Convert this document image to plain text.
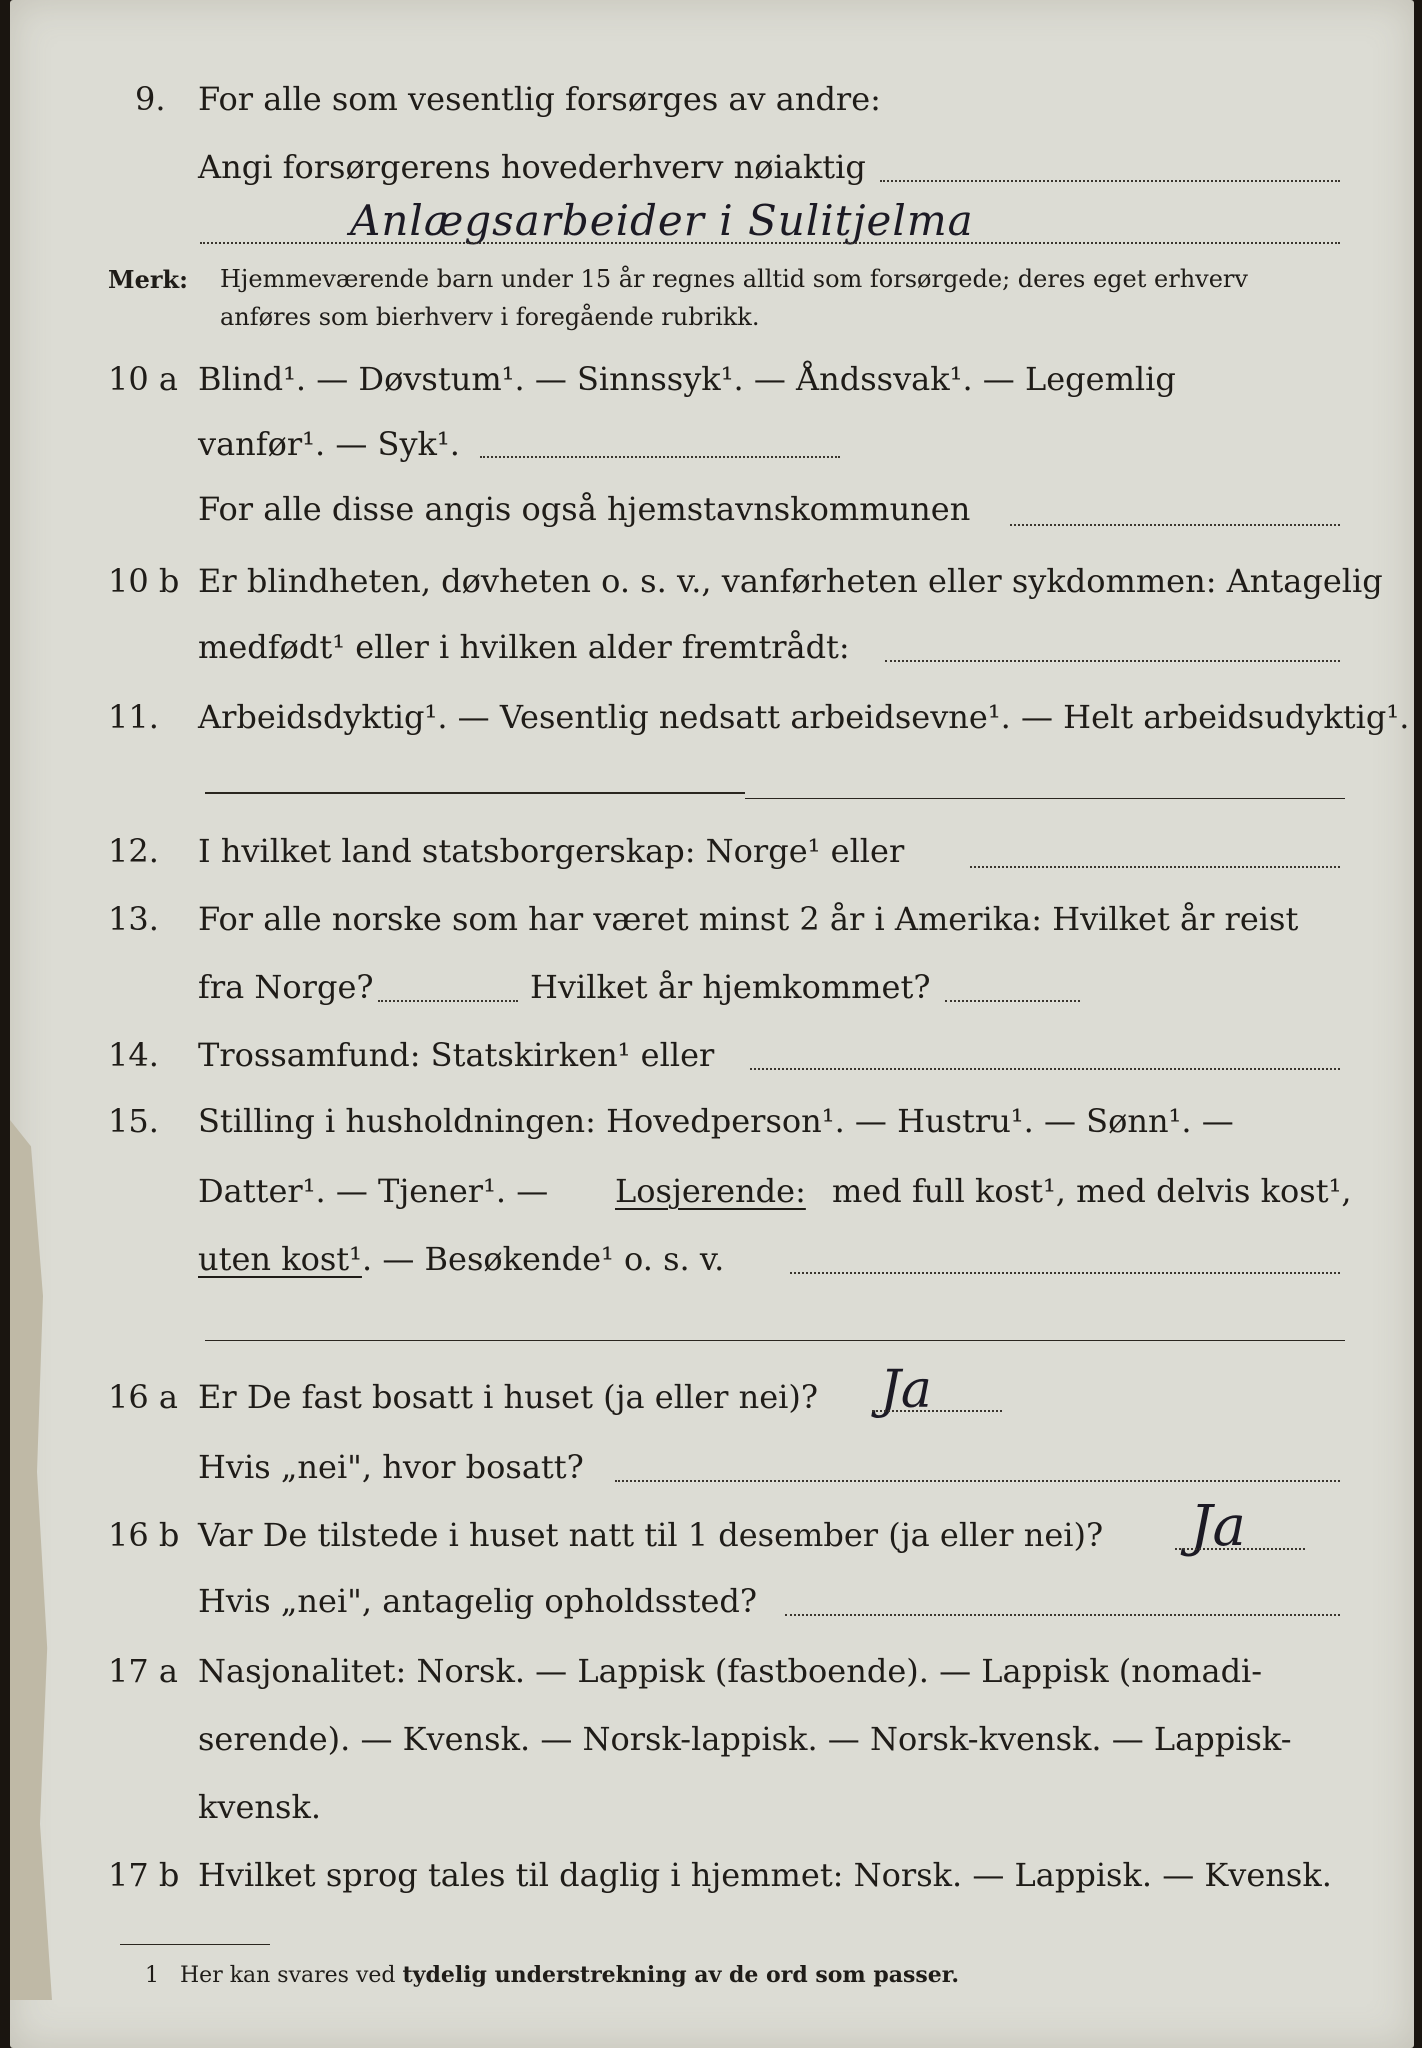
9. For alle som vesentlig forsørges av andre:
Angi forsørgerens hovederhverv nøiaktig
Anlægsarbeider i Sulitjelma
Merk: Hjemmeværende barn under 15 år regnes alltid som forsørgede; deres eget erhverv
anføres som bierhverv i foregående rubrikk.
10 a Blind¹. — Døvstum¹. — Sinnssyk¹. — Åndssvak¹. — Legemlig
vanfør¹. — Syk¹.
For alle disse angis også hjemstavnskommunen
10 b Er blindheten, døvheten o. s. v., vanførheten eller sykdommen: Antagelig
medfødt¹ eller i hvilken alder fremtrådt:
11. Arbeidsdyktig¹. — Vesentlig nedsatt arbeidsevne¹. — Helt arbeidsudyktig¹.
12. I hvilket land statsborgerskap: Norge¹ eller
13. For alle norske som har været minst 2 år i Amerika: Hvilket år reist
fra Norge?	Hvilket år hjemkommet?
14. Trossamfund: Statskirken¹ eller
15. Stilling i husholdningen: Hovedperson¹. — Hustru¹. — Sønn¹. —
Datter¹. — Tjener¹. — Losjerende: med full kost¹, med delvis kost¹,
uten kost¹ . — Besøkende¹ o. s. v.
16 a Er De fast bosatt i huset (ja eller nei)? Ja
Hvis „nei", hvor bosatt?
16 b Var De tilstede i huset natt til 1 desember (ja eller nei)? Ja
Hvis „nei", antagelig opholdssted?
17 a Nasjonalitet: Norsk. — Lappisk (fastboende). — Lappisk (nomadi-
serende). — Kvensk. — Norsk-lappisk. — Norsk-kvensk. — Lappisk-
kvensk.
17 b Hvilket sprog tales til daglig i hjemmet: Norsk. — Lappisk. — Kvensk.
1 Her kan svares ved tydelig understrekning av de ord som passer.
